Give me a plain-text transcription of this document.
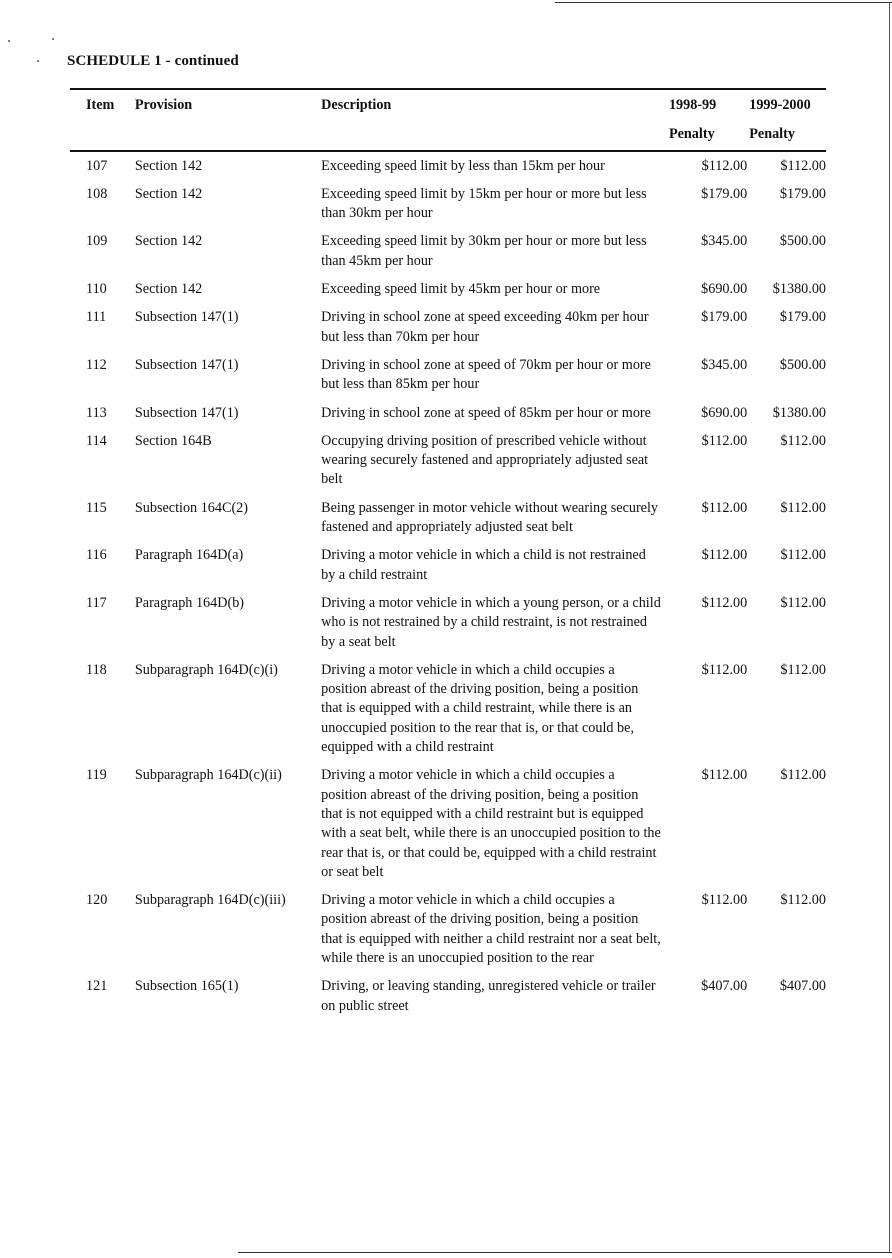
SCHEDULE 1 - continued
Item	Provision	Description	1998-99	1999-2000
			Penalty	Penalty
107	Section 142	Exceeding speed limit by less than 15km per hour	$112.00	$112.00
108	Section 142	Exceeding speed limit by 15km per hour or more but less than 30km per hour	$179.00	$179.00
109	Section 142	Exceeding speed limit by 30km per hour or more but less than 45km per hour	$345.00	$500.00
110	Section 142	Exceeding speed limit by 45km per hour or more	$690.00	$1380.00
111	Subsection 147(1)	Driving in school zone at speed exceeding 40km per hour but less than 70km per hour	$179.00	$179.00
112	Subsection 147(1)	Driving in school zone at speed of 70km per hour or more but less than 85km per hour	$345.00	$500.00
113	Subsection 147(1)	Driving in school zone at speed of 85km per hour or more	$690.00	$1380.00
114	Section 164B	Occupying driving position of prescribed vehicle without wearing securely fastened and appropriately adjusted seat belt	$112.00	$112.00
115	Subsection 164C(2)	Being passenger in motor vehicle without wearing securely fastened and appropriately adjusted seat belt	$112.00	$112.00
116	Paragraph 164D(a)	Driving a motor vehicle in which a child is not restrained by a child restraint	$112.00	$112.00
117	Paragraph 164D(b)	Driving a motor vehicle in which a young person, or a child who is not restrained by a child restraint, is not restrained by a seat belt	$112.00	$112.00
118	Subparagraph 164D(c)(i)	Driving a motor vehicle in which a child occupies a position abreast of the driving position, being a position that is equipped with a child restraint, while there is an unoccupied position to the rear that is, or that could be, equipped with a child restraint	$112.00	$112.00
119	Subparagraph 164D(c)(ii)	Driving a motor vehicle in which a child occupies a position abreast of the driving position, being a position that is not equipped with a child restraint but is equipped with a seat belt, while there is an unoccupied position to the rear that is, or that could be, equipped with a child restraint or seat belt	$112.00	$112.00
120	Subparagraph 164D(c)(iii)	Driving a motor vehicle in which a child occupies a position abreast of the driving position, being a position that is equipped with neither a child restraint nor a seat belt, while there is an unoccupied position to the rear	$112.00	$112.00
121	Subsection 165(1)	Driving, or leaving standing, unregistered vehicle or trailer on public street	$407.00	$407.00
